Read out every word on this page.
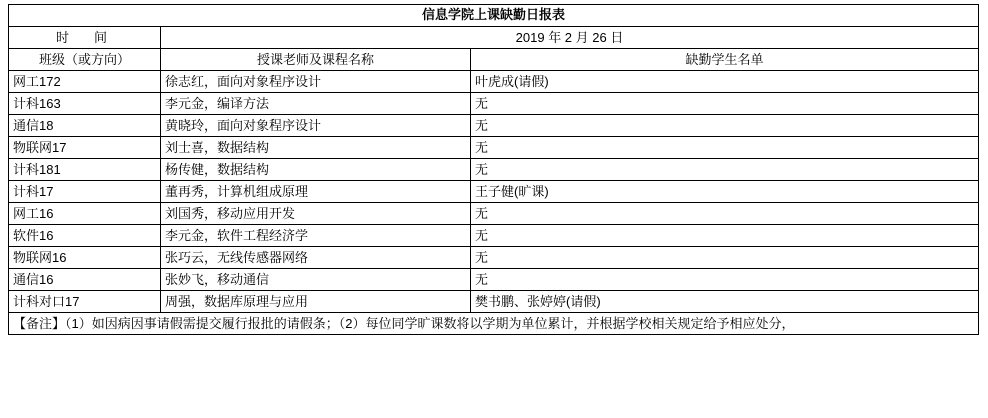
信息学院上课缺勤日报表		
时　间	2019 年 2 月 26 日	
班级（或方向）	授课老师及课程名称	缺勤学生名单
网工172	徐志红，面向对象程序设计	叶虎成(请假)
计科163	李元金，编译方法	无
通信18	黄晓玲，面向对象程序设计	无
物联网17	刘士喜，数据结构	无
计科181	杨传健，数据结构	无
计科17	董再秀，计算机组成原理	王子健(旷课)
网工16	刘国秀，移动应用开发	无
软件16	李元金，软件工程经济学	无
物联网16	张巧云，无线传感器网络	无
通信16	张妙飞，移动通信	无
计科对口17	周强，数据库原理与应用	樊书鹏、张婷婷(请假)
【备注】（1）如因病因事请假需提交履行报批的请假条；（2）每位同学旷课数将以学期为单位累计，并根据学校相关规定给予相应处分，		
